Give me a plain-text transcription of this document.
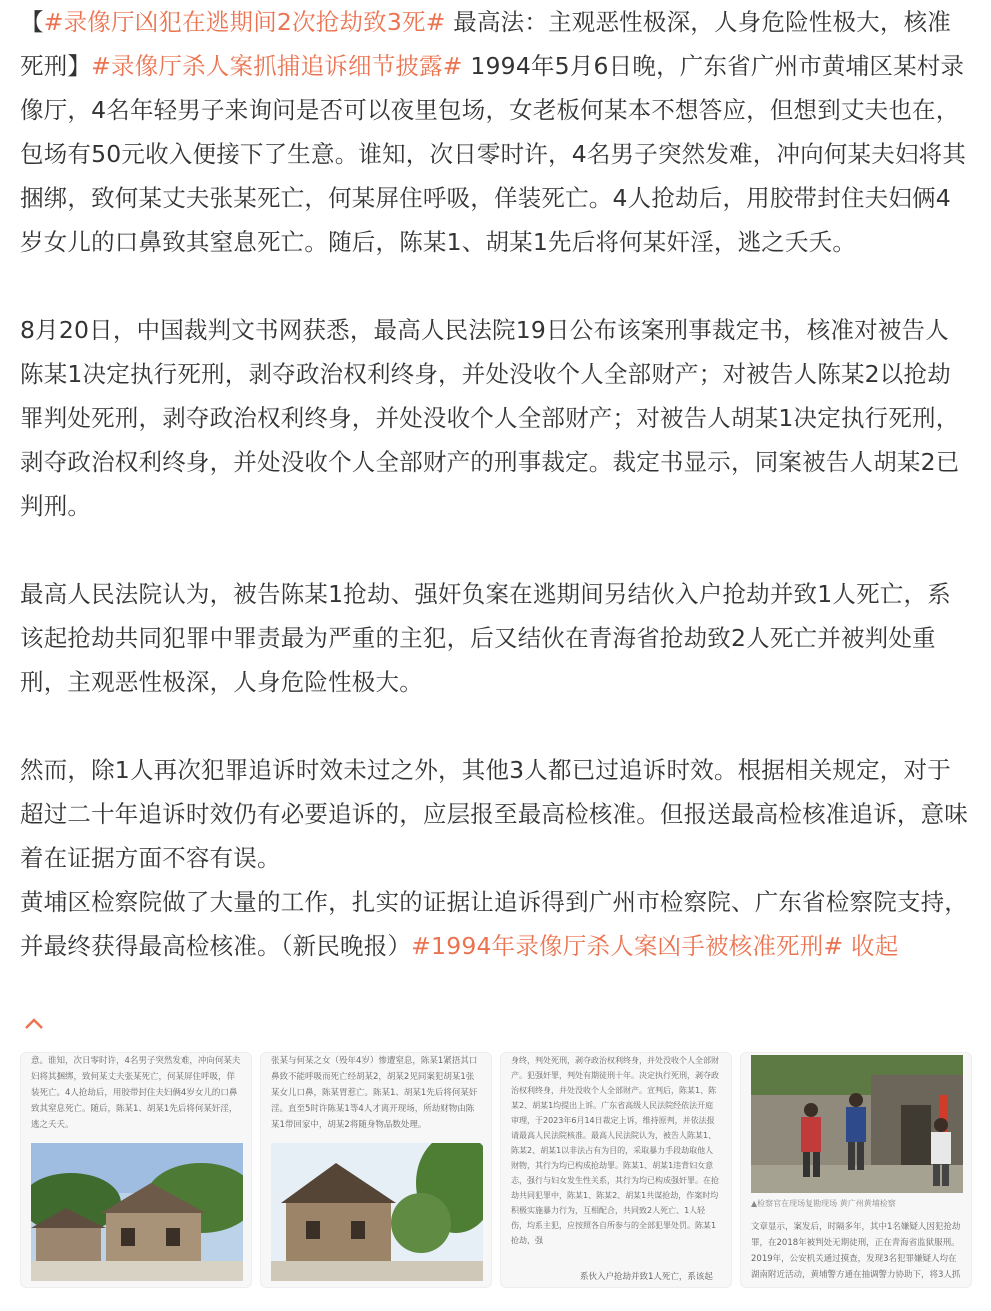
【#录像厅凶犯在逃期间2次抢劫致3死# 最高法：主观恶性极深，人身危险性极大，核准死刑】#录像厅杀人案抓捕追诉细节披露# 1994年5月6日晚，广东省广州市黄埔区某村录像厅，4名年轻男子来询问是否可以夜里包场，女老板何某本不想答应，但想到丈夫也在，包场有50元收入便接下了生意。谁知，次日零时许，4名男子突然发难，冲向何某夫妇将其捆绑，致何某丈夫张某死亡，何某屏住呼吸，佯装死亡。4人抢劫后，用胶带封住夫妇俩4岁女儿的口鼻致其窒息死亡。随后，陈某1、胡某1先后将何某奸淫，逃之夭夭。

8月20日，中国裁判文书网获悉，最高人民法院19日公布该案刑事裁定书，核准对被告人陈某1决定执行死刑，剥夺政治权利终身，并处没收个人全部财产；对被告人陈某2以抢劫罪判处死刑，剥夺政治权利终身，并处没收个人全部财产；对被告人胡某1决定执行死刑，剥夺政治权利终身，并处没收个人全部财产的刑事裁定。裁定书显示，同案被告人胡某2已判刑。

最高人民法院认为，被告陈某1抢劫、强奸负案在逃期间另结伙入户抢劫并致1人死亡，系该起抢劫共同犯罪中罪责最为严重的主犯，后又结伙在青海省抢劫致2人死亡并被判处重刑，主观恶性极深，人身危险性极大。

然而，除1人再次犯罪追诉时效未过之外，其他3人都已过追诉时效。根据相关规定，对于超过二十年追诉时效仍有必要追诉的，应层报至最高检核准。但报送最高检核准追诉，意味着在证据方面不容有误。

黄埔区检察院做了大量的工作，扎实的证据让追诉得到广州市检察院、广东省检察院支持，并最终获得最高检核准。（新民晚报）#1994年录像厅杀人案凶手被核准死刑# 收起

意。谁知，次日零时许，4名男子突然发难，冲向何某夫妇将其捆绑，致何某丈夫张某死亡，何某屏住呼吸，佯装死亡。4人抢劫后，用胶带封住夫妇俩4岁女儿的口鼻致其窒息死亡。随后，陈某1、胡某1先后将何某奸淫，逃之夭夭。
张某与何某之女（殁年4岁）惨遭窒息，陈某1紧捂其口鼻致不能呼吸而死亡经胡某2，胡某2见同案犯胡某1张某女儿口鼻，陈某胃惹亡。陈某1、胡某1先后将何某奸淫。直至5时许陈某1等4人才离开现场，所劫财物由陈某1带回家中，胡某2将随身物品数处理。
身终，判处死刑，剥夺政治权利终身，并处没收个人全部财产。犯强奸罪，判处有期徒刑十年。决定执行死刑，剥夺政治权利终身，并处没收个人全部财产。宣判后，陈某1、陈某2、胡某1均提出上诉。广东省高级人民法院经依法开庭审理，于2023年6月14日裁定上诉，维持原判，并依法报请最高人民法院核准。最高人民法院认为，被告人陈某1、陈某2、胡某1以非法占有为目的，采取暴力手段劫取他人财物，其行为均已构成抢劫罪。陈某1、胡某1违背妇女意志，强行与妇女发生性关系，其行为均已构成强奸罪。在抢劫共同犯罪中，陈某1、陈某2、胡某1共谋抢劫，作案时均积极实施暴力行为，互相配合，共同致2人死亡、1人轻伤，均系主犯，应按照各自所参与的全部犯罪处罚。陈某1抢劫，强
▲检察官在现场复勘现场 黄广州黄埔检察
文章显示，案发后，时隔多年，其中1名嫌疑人因犯抢劫罪，在2018年被判处无期徒刑，正在青海省监狱服刑。2019年，公安机关通过摸查，发现3名犯罪嫌疑人均在湖南附近活动，黄埔警方通在抽调警力协助下，将3人抓
系伙入户抢劫并致1人死亡，系该起
